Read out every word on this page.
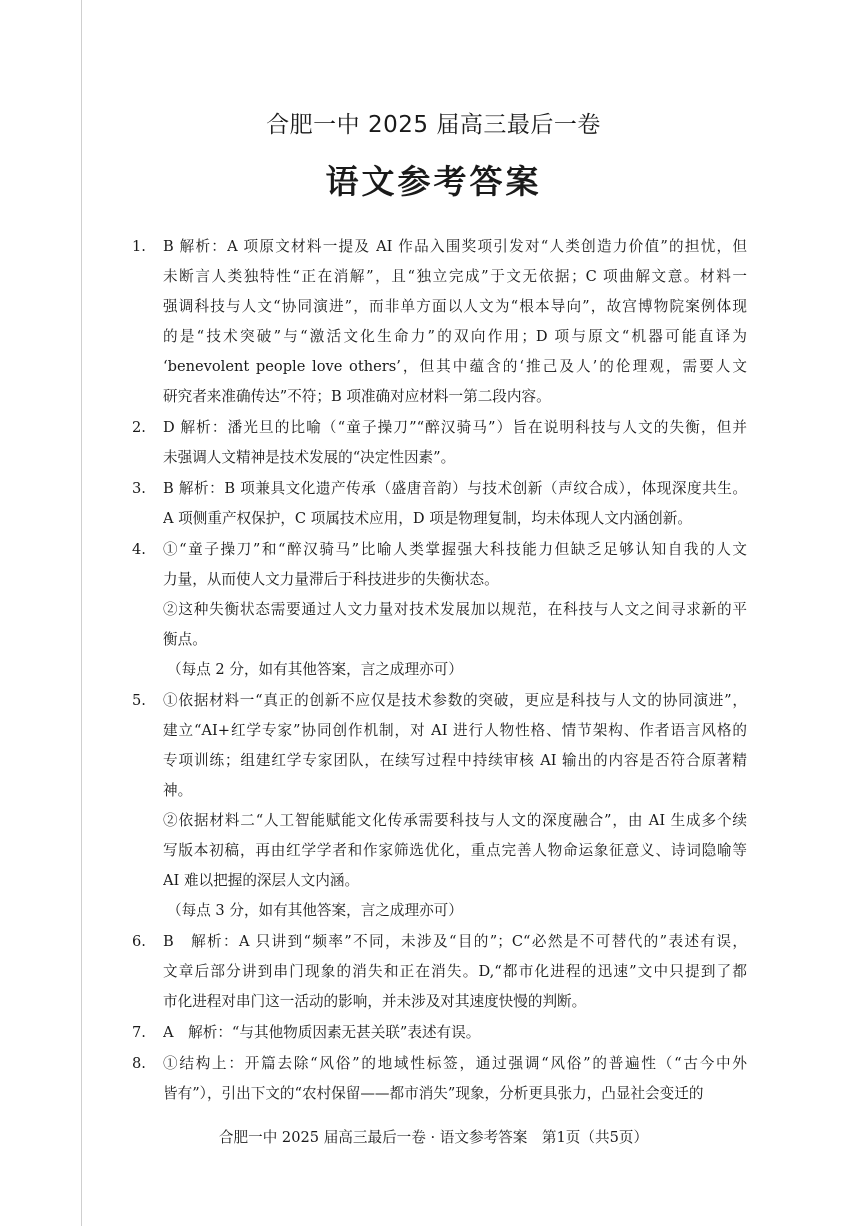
合肥一中 2025 届高三最后一卷
语文参考答案
1. B 解析：A 项原文材料一提及 AI 作品入围奖项引发对“人类创造力价值”的担忧，但
未断言人类独特性“正在消解”，且“独立完成”于文无依据；C 项曲解文意。材料一
强调科技与人文“协同演进”，而非单方面以人文为“根本导向”，故宫博物院案例体现
的是“技术突破”与“激活文化生命力”的双向作用；D 项与原文“机器可能直译为
‘benevolent people love others’，但其中蕴含的‘推己及人’的伦理观，需要人文
研究者来准确传达”不符；B 项准确对应材料一第二段内容。
2. D 解析：潘光旦的比喻（“童子操刀”“醉汉骑马”）旨在说明科技与人文的失衡，但并
未强调人文精神是技术发展的“决定性因素”。
3. B 解析：B 项兼具文化遗产传承（盛唐音韵）与技术创新（声纹合成），体现深度共生。
A 项侧重产权保护，C 项属技术应用，D 项是物理复制，均未体现人文内涵创新。
4. ①“童子操刀”和“醉汉骑马”比喻人类掌握强大科技能力但缺乏足够认知自我的人文
力量，从而使人文力量滞后于科技进步的失衡状态。
②这种失衡状态需要通过人文力量对技术发展加以规范，在科技与人文之间寻求新的平
衡点。
（每点 2 分，如有其他答案，言之成理亦可）
5. ①依据材料一“真正的创新不应仅是技术参数的突破，更应是科技与人文的协同演进”，
建立“AI+红学专家”协同创作机制，对 AI 进行人物性格、情节架构、作者语言风格的
专项训练；组建红学专家团队，在续写过程中持续审核 AI 输出的内容是否符合原著精
神。
②依据材料二“人工智能赋能文化传承需要科技与人文的深度融合”，由 AI 生成多个续
写版本初稿，再由红学学者和作家筛选优化，重点完善人物命运象征意义、诗词隐喻等
AI 难以把握的深层人文内涵。
（每点 3 分，如有其他答案，言之成理亦可）
6. B　解析：A 只讲到“频率”不同，未涉及“目的”；C“必然是不可替代的”表述有误，
文章后部分讲到串门现象的消失和正在消失。D,“都市化进程的迅速”文中只提到了都
市化进程对串门这一活动的影响，并未涉及对其速度快慢的判断。
7. A　解析：“与其他物质因素无甚关联”表述有误。
8. ①结构上：开篇去除“风俗”的地域性标签，通过强调“风俗”的普遍性（“古今中外
皆有”），引出下文的“农村保留——都市消失”现象，分析更具张力，凸显社会变迁的
合肥一中 2025 届高三最后一卷 · 语文参考答案　第1页（共5页）
